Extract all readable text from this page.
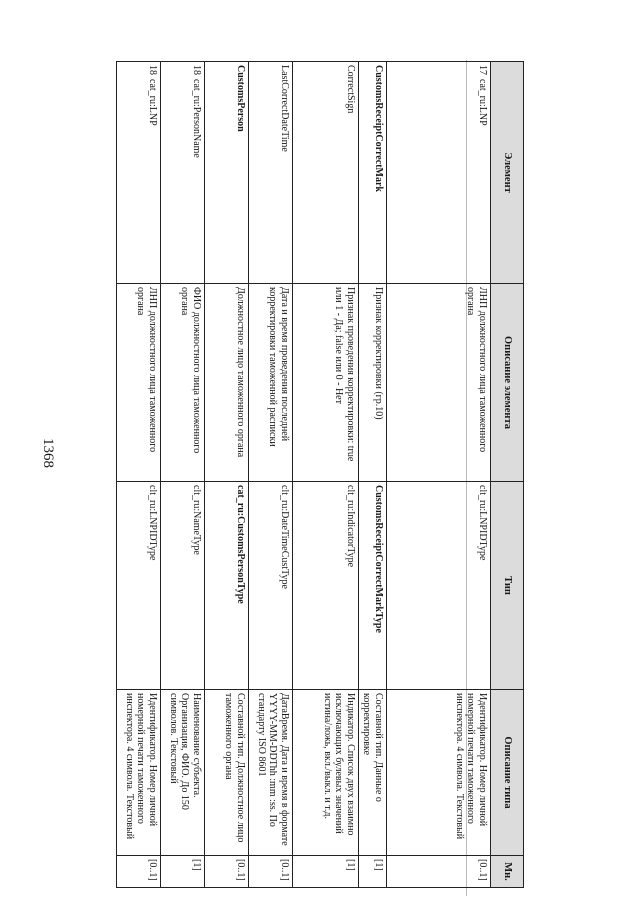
1368
Элемент	Описание элемента	Тип	Описание типа	Мн.
17cat_ru:LNP	ЛНП должностного лица таможенного органа	clt_ru:LNPIDType	Идентификатор. Номер личной номерной печати таможенного инспектора. 4 символа. Текстовый	[0..1]
CustomsReceiptCorrectMark	Признак корректировки (гр.10)	CustomsReceiptCorrectMarkType	Составной тип. Данные о корректировке	[1]
CorrectSign	Признак проведения корректировки: true или 1 - Да; false или 0 - Нет	clt_ru:IndicatorType	Индикатор. Список двух взаимно исключающих булевых значений истина/ложь, вкл./выкл. и т.д.	[1]
LastCorrectDateTime	Дата и время проведения последней корректировки таможенной расписки	clt_ru:DateTimeCustType	ДатаВремя. Дата и время в формате YYYY-MM-DDThh :mm :ss. По стандарту ISO 8601	[0..1]
CustomsPerson	Должностное лицо таможенного органа	cat_ru:CustomsPersonType	Составной тип. Должностное лицо таможенного органа	[0..1]
18cat_ru:PersonName	ФИО должностного лица таможенного органа	clt_ru:NameType	Наименование субъекта. Организация, ФИО. До 150 символов. Текстовый	[1]
18cat_ru:LNP	ЛНП должностного лица таможенного органа	clt_ru:LNPIDType	Идентификатор. Номер личной номерной печати таможенного инспектора. 4 символа. Текстовый	[0..1]
